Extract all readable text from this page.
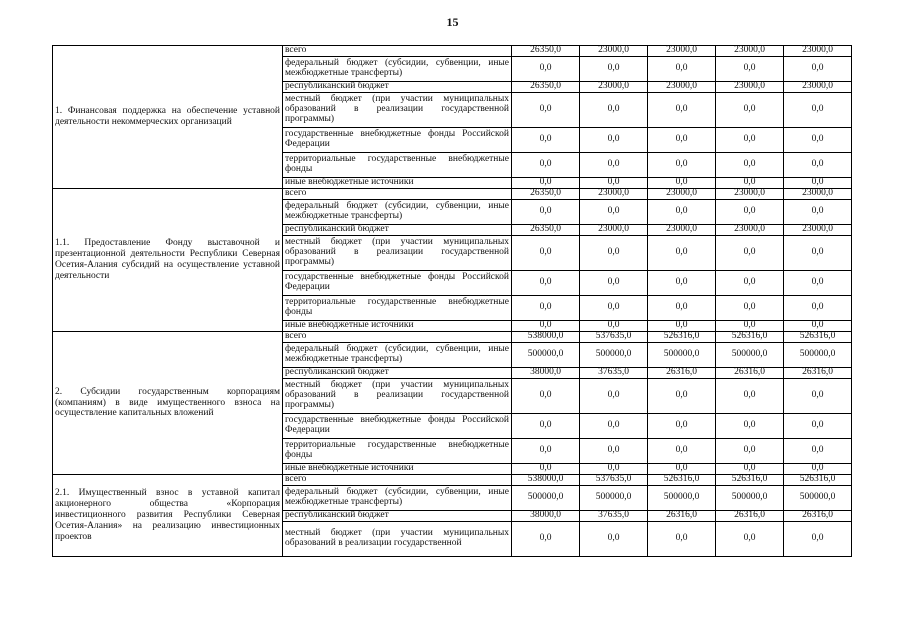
15
1. Финансовая поддержка на обеспечение уставной деятельности некоммерческих организаций	всего	26350,0	23000,0	23000,0	23000,0	23000,0
	федеральный бюджет (субсидии, субвенции, иные межбюджетные трансферты)	0,0	0,0	0,0	0,0	0,0
	республиканский бюджет	26350,0	23000,0	23000,0	23000,0	23000,0
	местный бюджет (при участии муниципальных образований в реализации государственной программы)	0,0	0,0	0,0	0,0	0,0
	государственные внебюджетные фонды Российской Федерации	0,0	0,0	0,0	0,0	0,0
	территориальные государственные внебюджетные фонды	0,0	0,0	0,0	0,0	0,0
	иные внебюджетные источники	0,0	0,0	0,0	0,0	0,0
1.1. Предоставление Фонду выставочной и презентационной деятельности Республики Северная Осетия-Алания субсидий на осуществление уставной деятельности	всего	26350,0	23000,0	23000,0	23000,0	23000,0
	федеральный бюджет (субсидии, субвенции, иные межбюджетные трансферты)	0,0	0,0	0,0	0,0	0,0
	республиканский бюджет	26350,0	23000,0	23000,0	23000,0	23000,0
	местный бюджет (при участии муниципальных образований в реализации государственной программы)	0,0	0,0	0,0	0,0	0,0
	государственные внебюджетные фонды Российской Федерации	0,0	0,0	0,0	0,0	0,0
	территориальные государственные внебюджетные фонды	0,0	0,0	0,0	0,0	0,0
	иные внебюджетные источники	0,0	0,0	0,0	0,0	0,0
2. Субсидии государственным корпорациям (компаниям) в виде имущественного взноса на осуществление капитальных вложений	всего	538000,0	537635,0	526316,0	526316,0	526316,0
	федеральный бюджет (субсидии, субвенции, иные межбюджетные трансферты)	500000,0	500000,0	500000,0	500000,0	500000,0
	республиканский бюджет	38000,0	37635,0	26316,0	26316,0	26316,0
	местный бюджет (при участии муниципальных образований в реализации государственной программы)	0,0	0,0	0,0	0,0	0,0
	государственные внебюджетные фонды Российской Федерации	0,0	0,0	0,0	0,0	0,0
	территориальные государственные внебюджетные фонды	0,0	0,0	0,0	0,0	0,0
	иные внебюджетные источники	0,0	0,0	0,0	0,0	0,0
2.1. Имущественный взнос в уставной капитал акционерного общества «Корпорация инвестиционного развития Республики Северная Осетия-Алания» на реализацию инвестиционных проектов	всего	538000,0	537635,0	526316,0	526316,0	526316,0
	федеральный бюджет (субсидии, субвенции, иные межбюджетные трансферты)	500000,0	500000,0	500000,0	500000,0	500000,0
	республиканский бюджет	38000,0	37635,0	26316,0	26316,0	26316,0
	местный бюджет (при участии муниципальных образований в реализации государственной	0,0	0,0	0,0	0,0	0,0
